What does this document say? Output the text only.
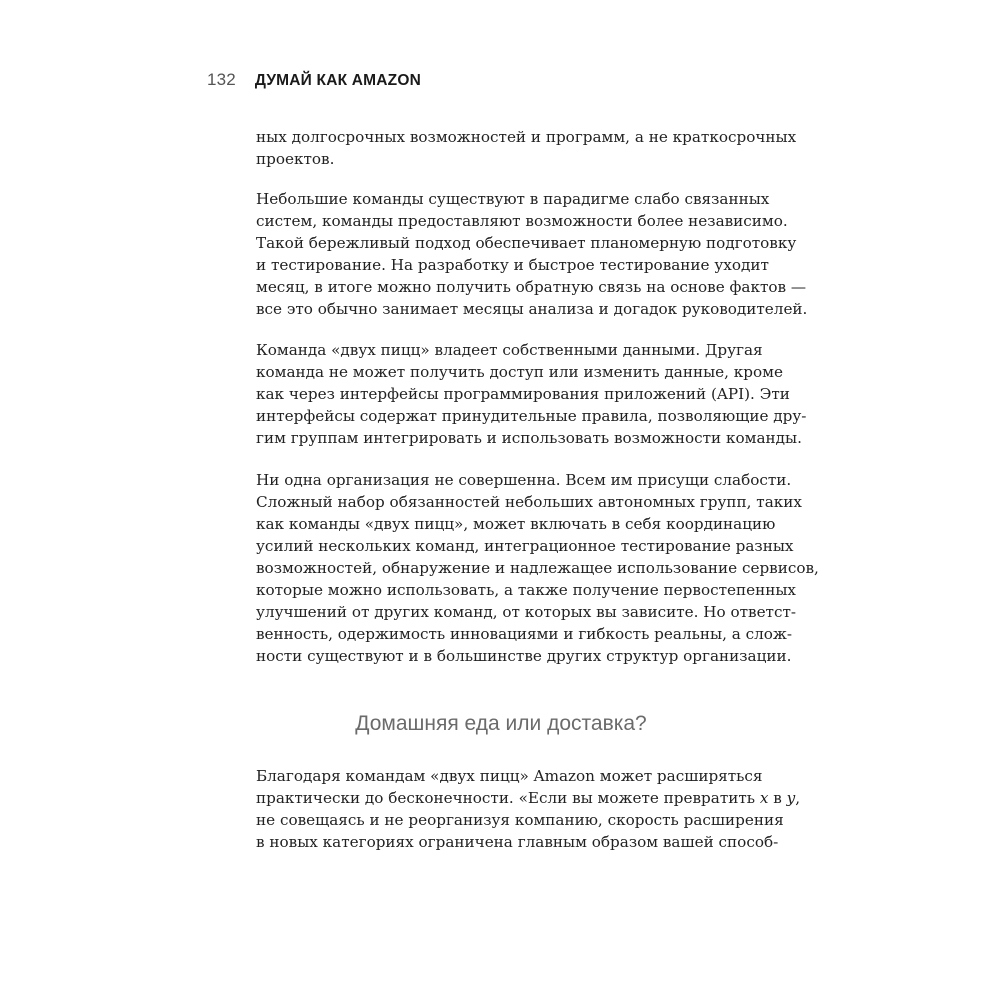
132 ДУМАЙ КАК AMAZON

ных долгосрочных возможностей и программ, а не краткосрочных
проектов.

Небольшие команды существуют в парадигме слабо связанных
систем, команды предоставляют возможности более независимо.
Такой бережливый подход обеспечивает планомерную подготовку
и тестирование. На разработку и быстрое тестирование уходит
месяц, в итоге можно получить обратную связь на основе фактов —
все это обычно занимает месяцы анализа и догадок руководителей.

Команда «двух пицц» владеет собственными данными. Другая
команда не может получить доступ или изменить данные, кроме
как через интерфейсы программирования приложений (API). Эти
интерфейсы содержат принудительные правила, позволяющие дру-
гим группам интегрировать и использовать возможности команды.

Ни одна организация не совершенна. Всем им присущи слабости.
Сложный набор обязанностей небольших автономных групп, таких
как команды «двух пицц», может включать в себя координацию
усилий нескольких команд, интеграционное тестирование разных
возможностей, обнаружение и надлежащее использование сервисов,
которые можно использовать, а также получение первостепенных
улучшений от других команд, от которых вы зависите. Но ответст-
венность, одержимость инновациями и гибкость реальны, а слож-
ности существуют и в большинстве других структур организации.

Домашняя еда или доставка?

Благодаря командам «двух пицц» Amazon может расширяться
практически до бесконечности. «Если вы можете превратить x в y,
не совещаясь и не реорганизуя компанию, скорость расширения
в новых категориях ограничена главным образом вашей способ-
